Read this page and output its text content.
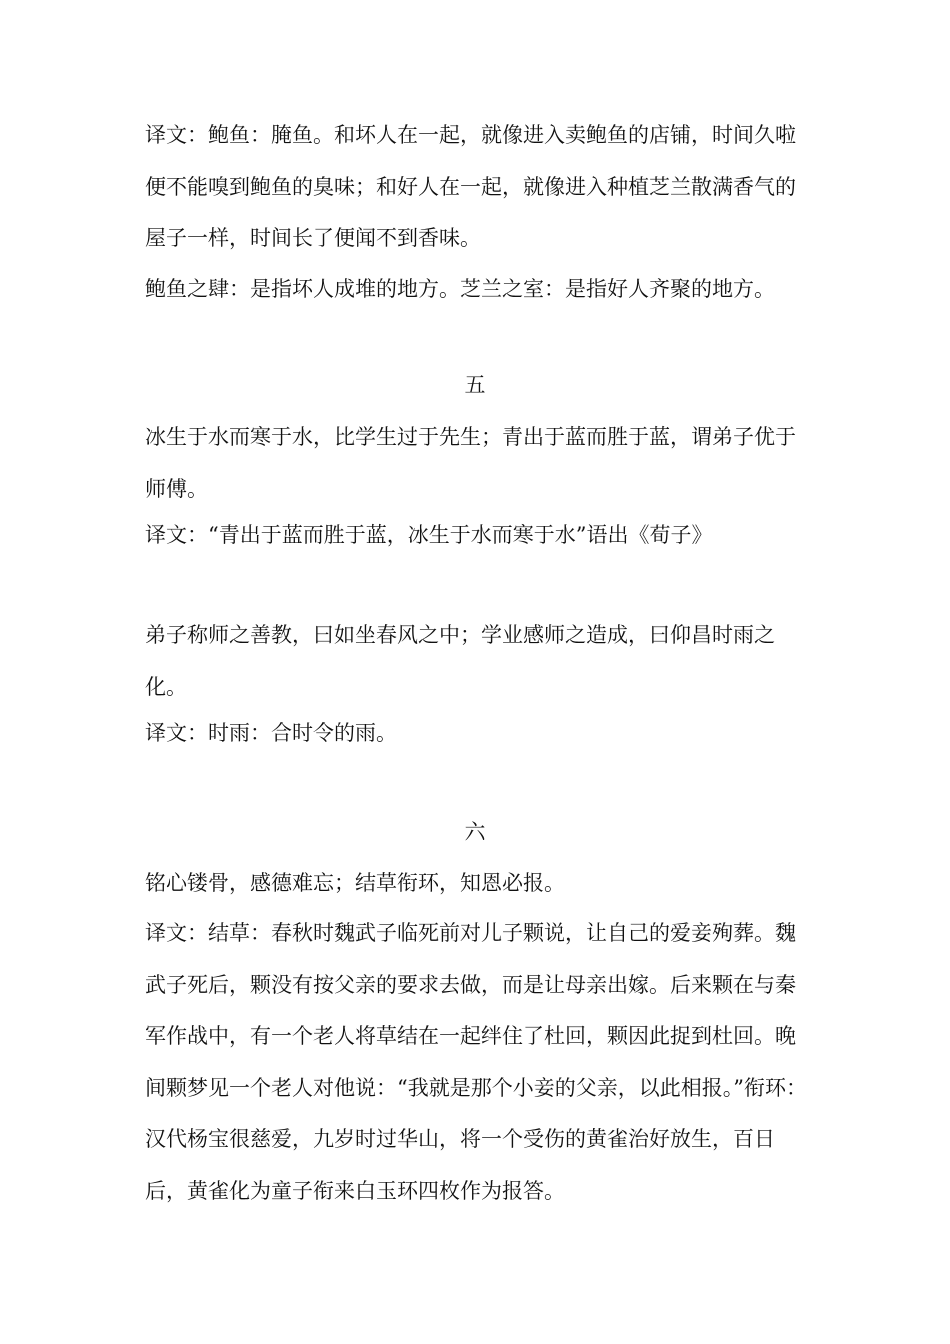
译文：鲍鱼：腌鱼。和坏人在一起，就像进入卖鲍鱼的店铺，时间久啦便不能嗅到鲍鱼的臭味；和好人在一起，就像进入种植芝兰散满香气的屋子一样，时间长了便闻不到香味。

鲍鱼之肆：是指坏人成堆的地方。芝兰之室：是指好人齐聚的地方。

五

冰生于水而寒于水，比学生过于先生；青出于蓝而胜于蓝，谓弟子优于师傅。

译文：“青出于蓝而胜于蓝，冰生于水而寒于水”语出《荀子》

弟子称师之善教，曰如坐春风之中；学业感师之造成，曰仰昌时雨之化。

译文：时雨：合时令的雨。

六

铭心镂骨，感德难忘；结草衔环，知恩必报。

译文：结草：春秋时魏武子临死前对儿子颗说，让自己的爱妾殉葬。魏武子死后，颗没有按父亲的要求去做，而是让母亲出嫁。后来颗在与秦军作战中，有一个老人将草结在一起绊住了杜回，颗因此捉到杜回。晚间颗梦见一个老人对他说：“我就是那个小妾的父亲，以此相报。”衔环：汉代杨宝很慈爱，九岁时过华山，将一个受伤的黄雀治好放生，百日后，黄雀化为童子衔来白玉环四枚作为报答。
